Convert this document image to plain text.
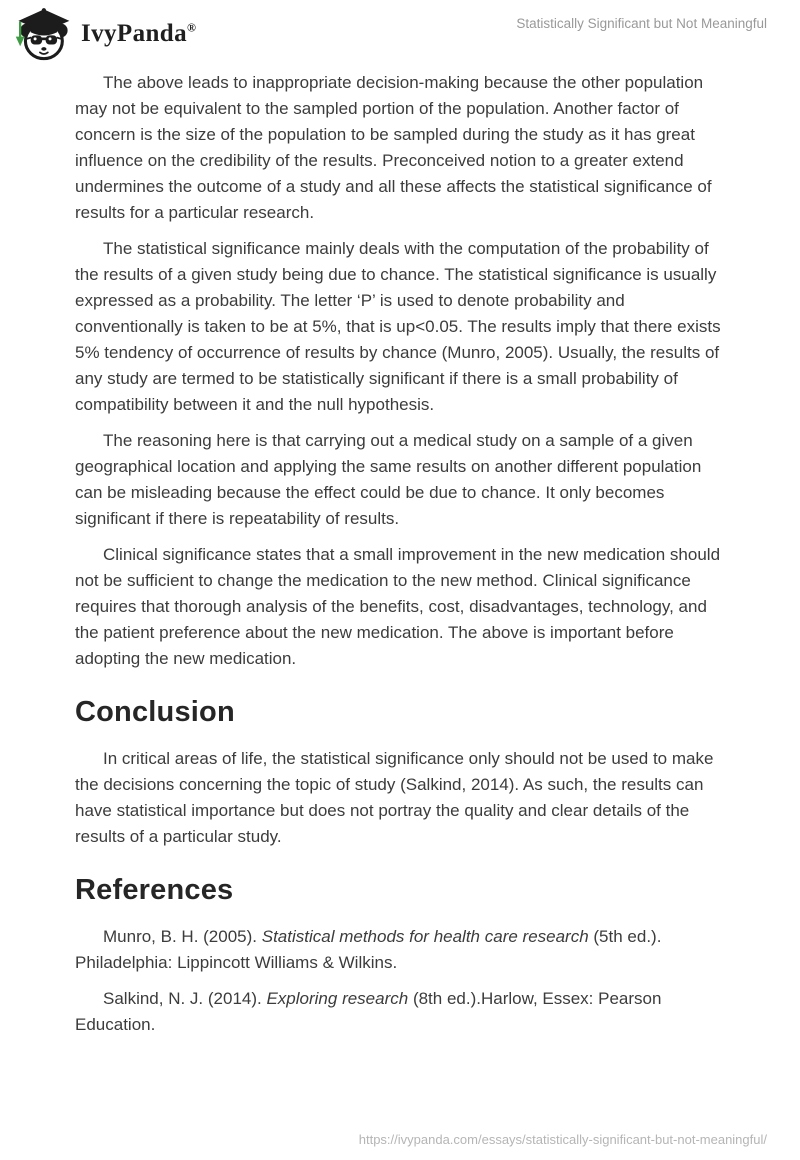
IvyPanda®	Statistically Significant but Not Meaningful

The above leads to inappropriate decision-making because the other population may not be equivalent to the sampled portion of the population. Another factor of concern is the size of the population to be sampled during the study as it has great influence on the credibility of the results. Preconceived notion to a greater extend undermines the outcome of a study and all these affects the statistical significance of results for a particular research.

The statistical significance mainly deals with the computation of the probability of the results of a given study being due to chance. The statistical significance is usually expressed as a probability. The letter ‘P’ is used to denote probability and conventionally is taken to be at 5%, that is up<0.05. The results imply that there exists 5% tendency of occurrence of results by chance (Munro, 2005). Usually, the results of any study are termed to be statistically significant if there is a small probability of compatibility between it and the null hypothesis.

The reasoning here is that carrying out a medical study on a sample of a given geographical location and applying the same results on another different population can be misleading because the effect could be due to chance. It only becomes significant if there is repeatability of results.

Clinical significance states that a small improvement in the new medication should not be sufficient to change the medication to the new method. Clinical significance requires that thorough analysis of the benefits, cost, disadvantages, technology, and the patient preference about the new medication. The above is important before adopting the new medication.

Conclusion

In critical areas of life, the statistical significance only should not be used to make the decisions concerning the topic of study (Salkind, 2014). As such, the results can have statistical importance but does not portray the quality and clear details of the results of a particular study.

References

Munro, B. H. (2005). Statistical methods for health care research (5th ed.). Philadelphia: Lippincott Williams & Wilkins.

Salkind, N. J. (2014). Exploring research (8th ed.).Harlow, Essex: Pearson Education.

https://ivypanda.com/essays/statistically-significant-but-not-meaningful/
